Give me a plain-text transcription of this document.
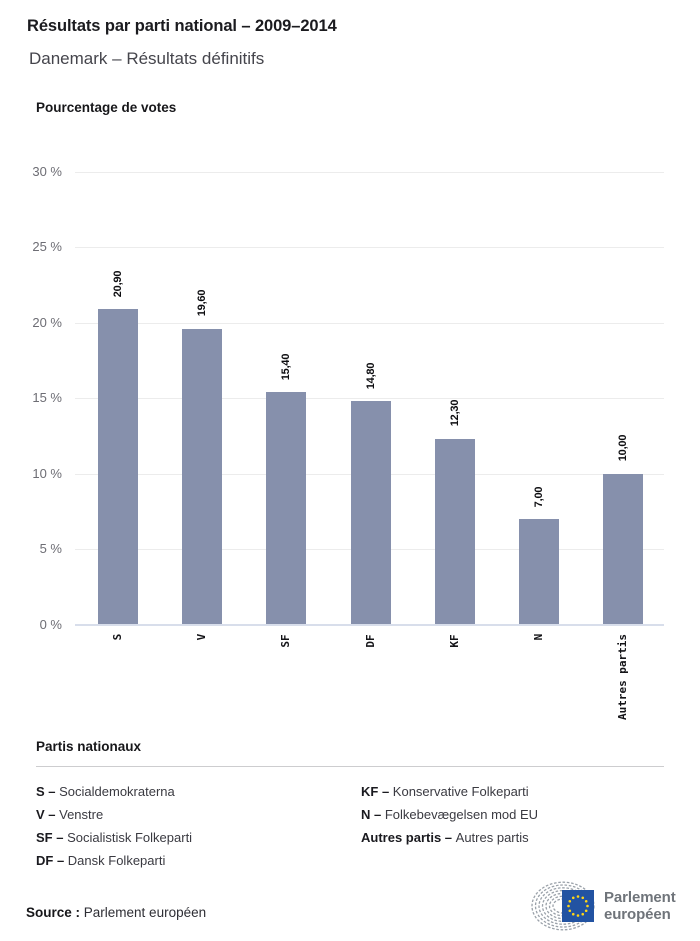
Résultats par parti national – 2009–2014
Danemark – Résultats définitifs
Pourcentage de votes
30 %
25 %
20 %
15 %
10 %
5 %
0 %
20,90
S
19,60
V
15,40
SF
14,80
DF
12,30
KF
7,00
N
10,00
Autres partis
Partis nationaux
S – Socialdemokraterna
V – Venstre
SF – Socialistisk Folkeparti
DF – Dansk Folkeparti
KF – Konservative Folkeparti
N – Folkebevægelsen mod EU
Autres partis – Autres partis

Source : Parlement européen

Parlement
européen
